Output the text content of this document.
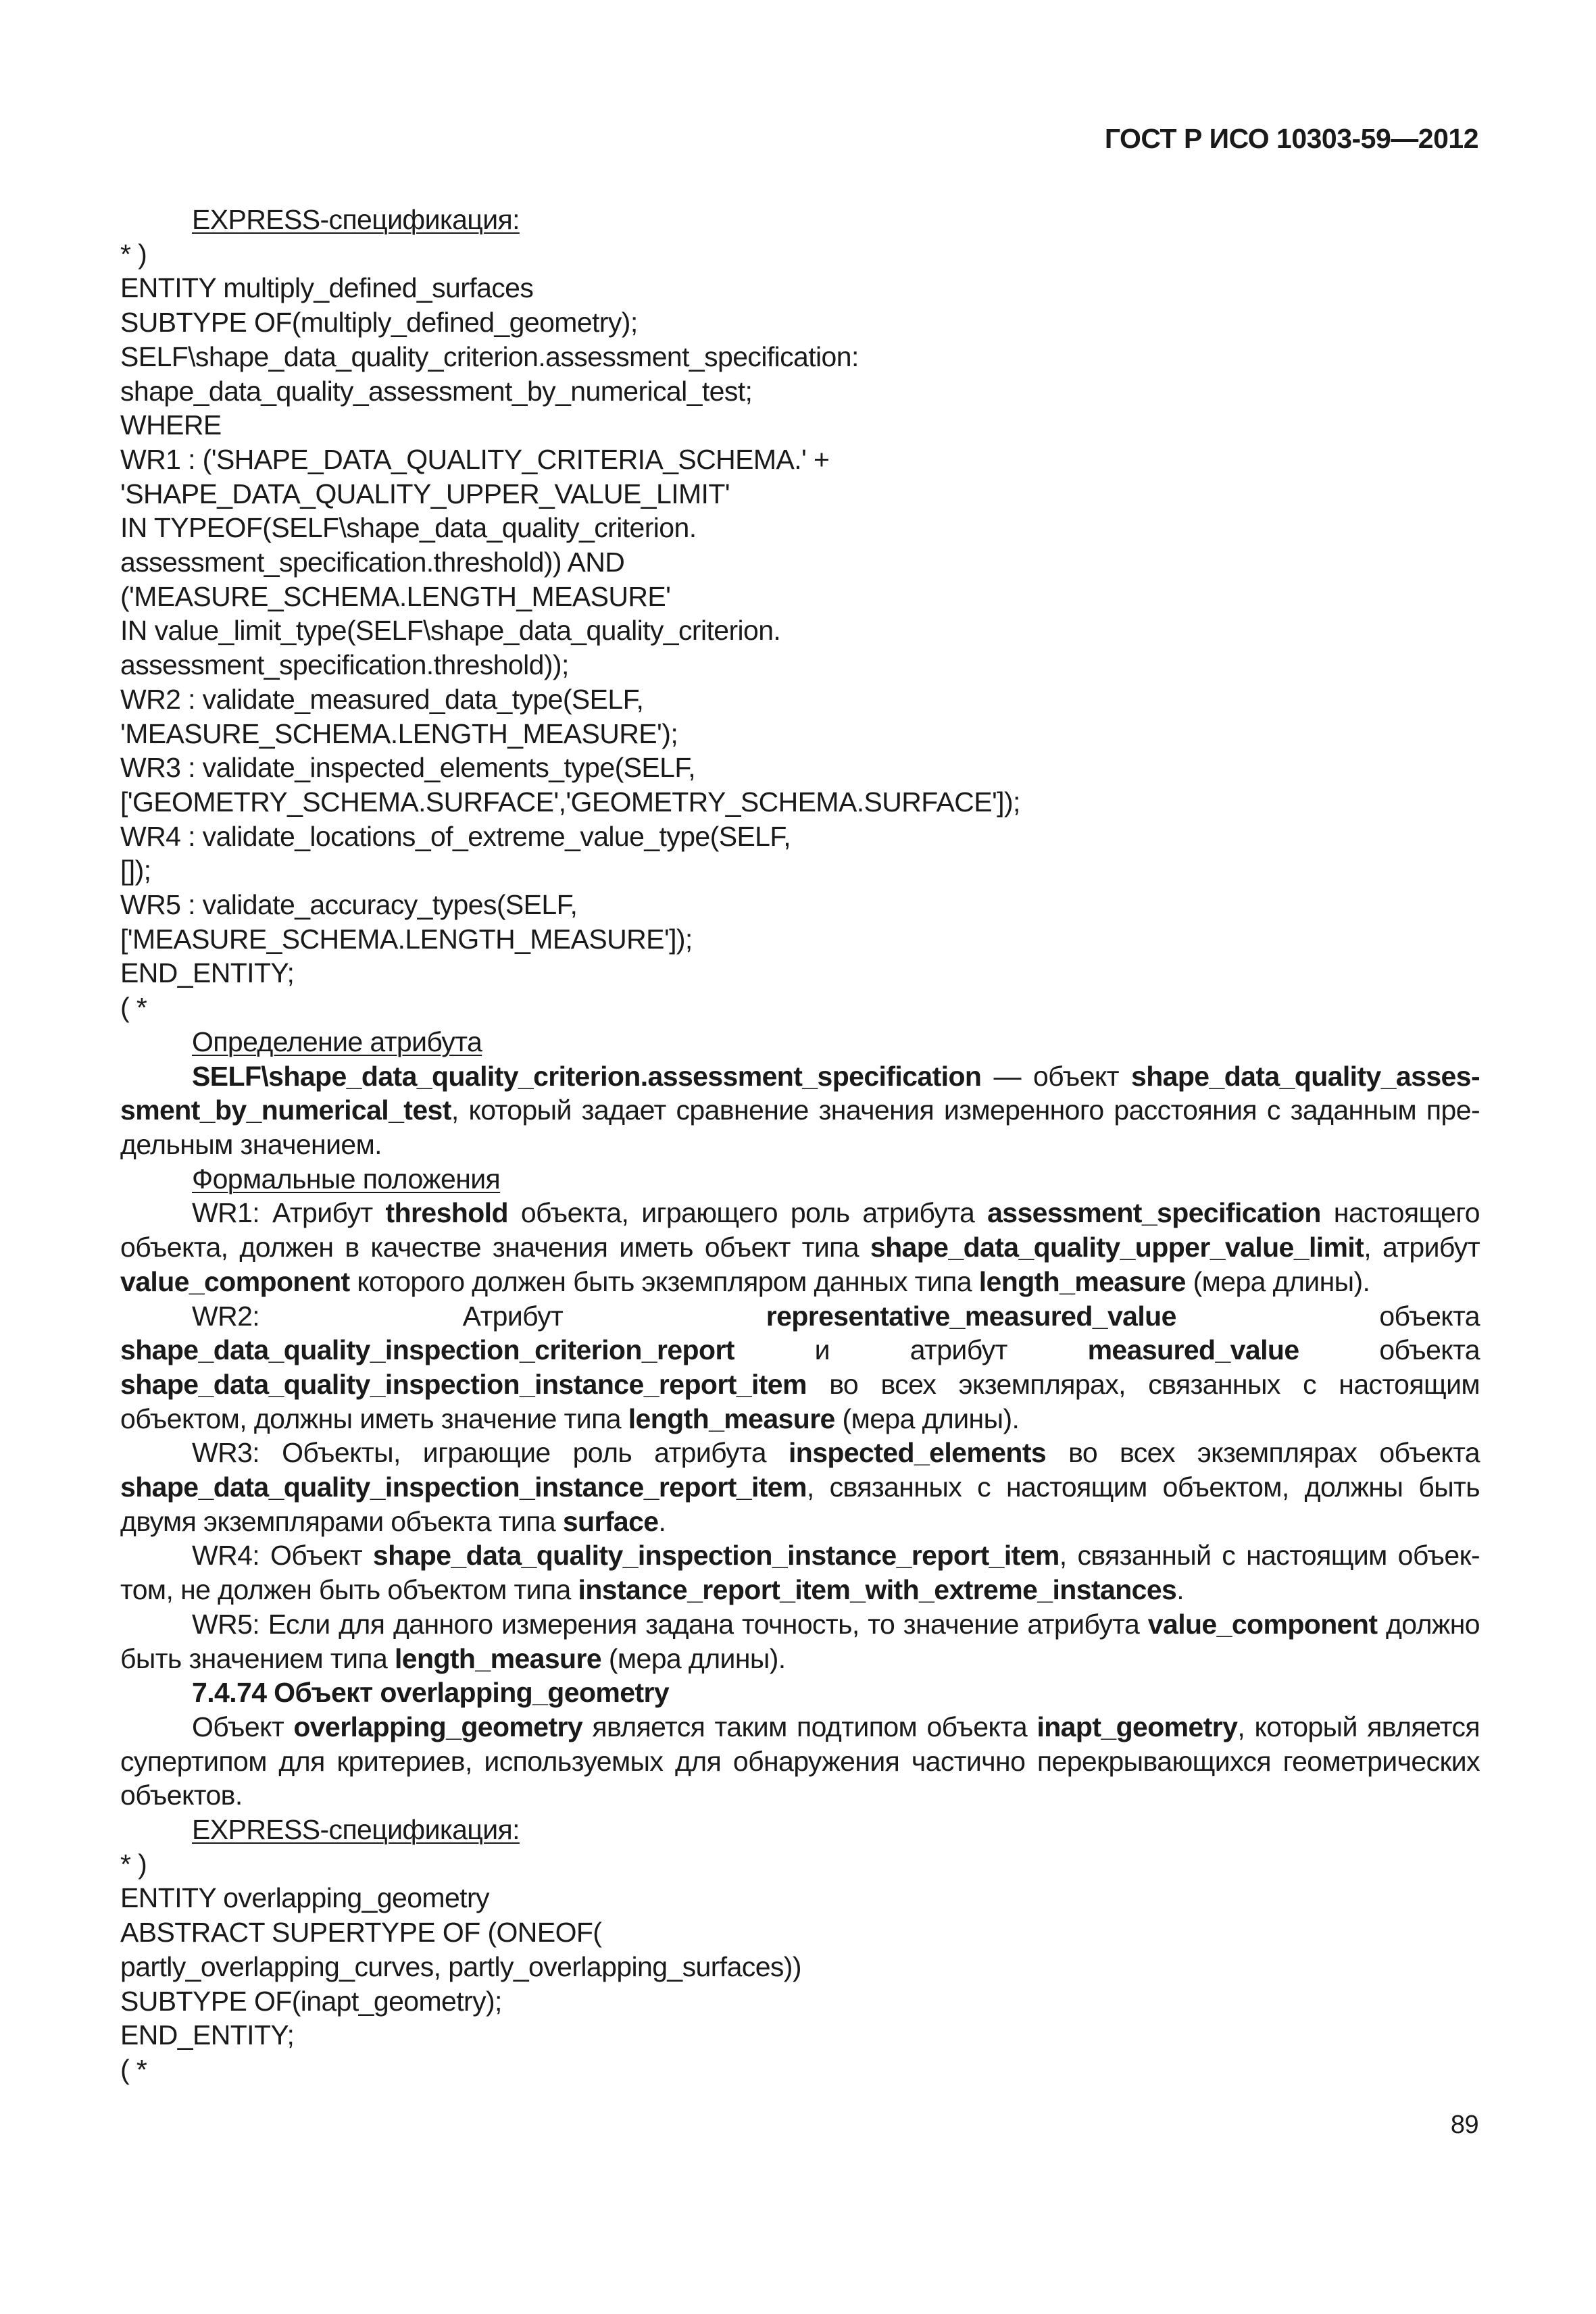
ГОСТ Р ИСО 10303-59—2012

EXPRESS-спецификация:

* )

ENTITY multiply_defined_surfaces

SUBTYPE OF(multiply_defined_geometry);

SELF\shape_data_quality_criterion.assessment_specification:

shape_data_quality_assessment_by_numerical_test;

WHERE

WR1 : ('SHAPE_DATA_QUALITY_CRITERIA_SCHEMA.' +

'SHAPE_DATA_QUALITY_UPPER_VALUE_LIMIT'

IN TYPEOF(SELF\shape_data_quality_criterion.

assessment_specification.threshold)) AND

('MEASURE_SCHEMA.LENGTH_MEASURE'

IN value_limit_type(SELF\shape_data_quality_criterion.

assessment_specification.threshold));

WR2 : validate_measured_data_type(SELF,

'MEASURE_SCHEMA.LENGTH_MEASURE');

WR3 : validate_inspected_elements_type(SELF,

['GEOMETRY_SCHEMA.SURFACE','GEOMETRY_SCHEMA.SURFACE']);

WR4 : validate_locations_of_extreme_value_type(SELF,

[]);

WR5 : validate_accuracy_types(SELF,

['MEASURE_SCHEMA.LENGTH_MEASURE']);

END_ENTITY;

( *

Определение атрибута

SELF\shape_data_quality_criterion.assessment_specification — объект shape_data_quality_asses-sment_by_numerical_test, который задает сравнение значения измеренного расстояния с заданным пре-дельным значением.

Формальные положения

WR1: Атрибут threshold объекта, играющего роль атрибута assessment_specification настоящего объекта, должен в качестве значения иметь объект типа shape_data_quality_upper_value_limit, атрибут value_component которого должен быть экземпляром данных типа length_measure (мера длины).

WR2: Атрибут representative_measured_value объекта shape_data_quality_inspection_criterion_report и атрибут measured_value объекта shape_data_quality_inspection_instance_report_item во всех экземплярах, связанных с настоящим объектом, должны иметь значение типа length_measure (мера длины).

WR3: Объекты, играющие роль атрибута inspected_elements во всех экземплярах объекта shape_data_quality_inspection_instance_report_item, связанных с настоящим объектом, должны быть двумя экземплярами объекта типа surface.

WR4: Объект shape_data_quality_inspection_instance_report_item, связанный с настоящим объек-том, не должен быть объектом типа instance_report_item_with_extreme_instances.

WR5: Если для данного измерения задана точность, то значение атрибута value_component должно быть значением типа length_measure (мера длины).

7.4.74 Объект overlapping_geometry

Объект overlapping_geometry является таким подтипом объекта inapt_geometry, который является супертипом для критериев, используемых для обнаружения частично перекрывающихся геометрических объектов.

EXPRESS-спецификация:

* )

ENTITY overlapping_geometry

ABSTRACT SUPERTYPE OF (ONEOF(

partly_overlapping_curves, partly_overlapping_surfaces))

SUBTYPE OF(inapt_geometry);

END_ENTITY;

( *

89
